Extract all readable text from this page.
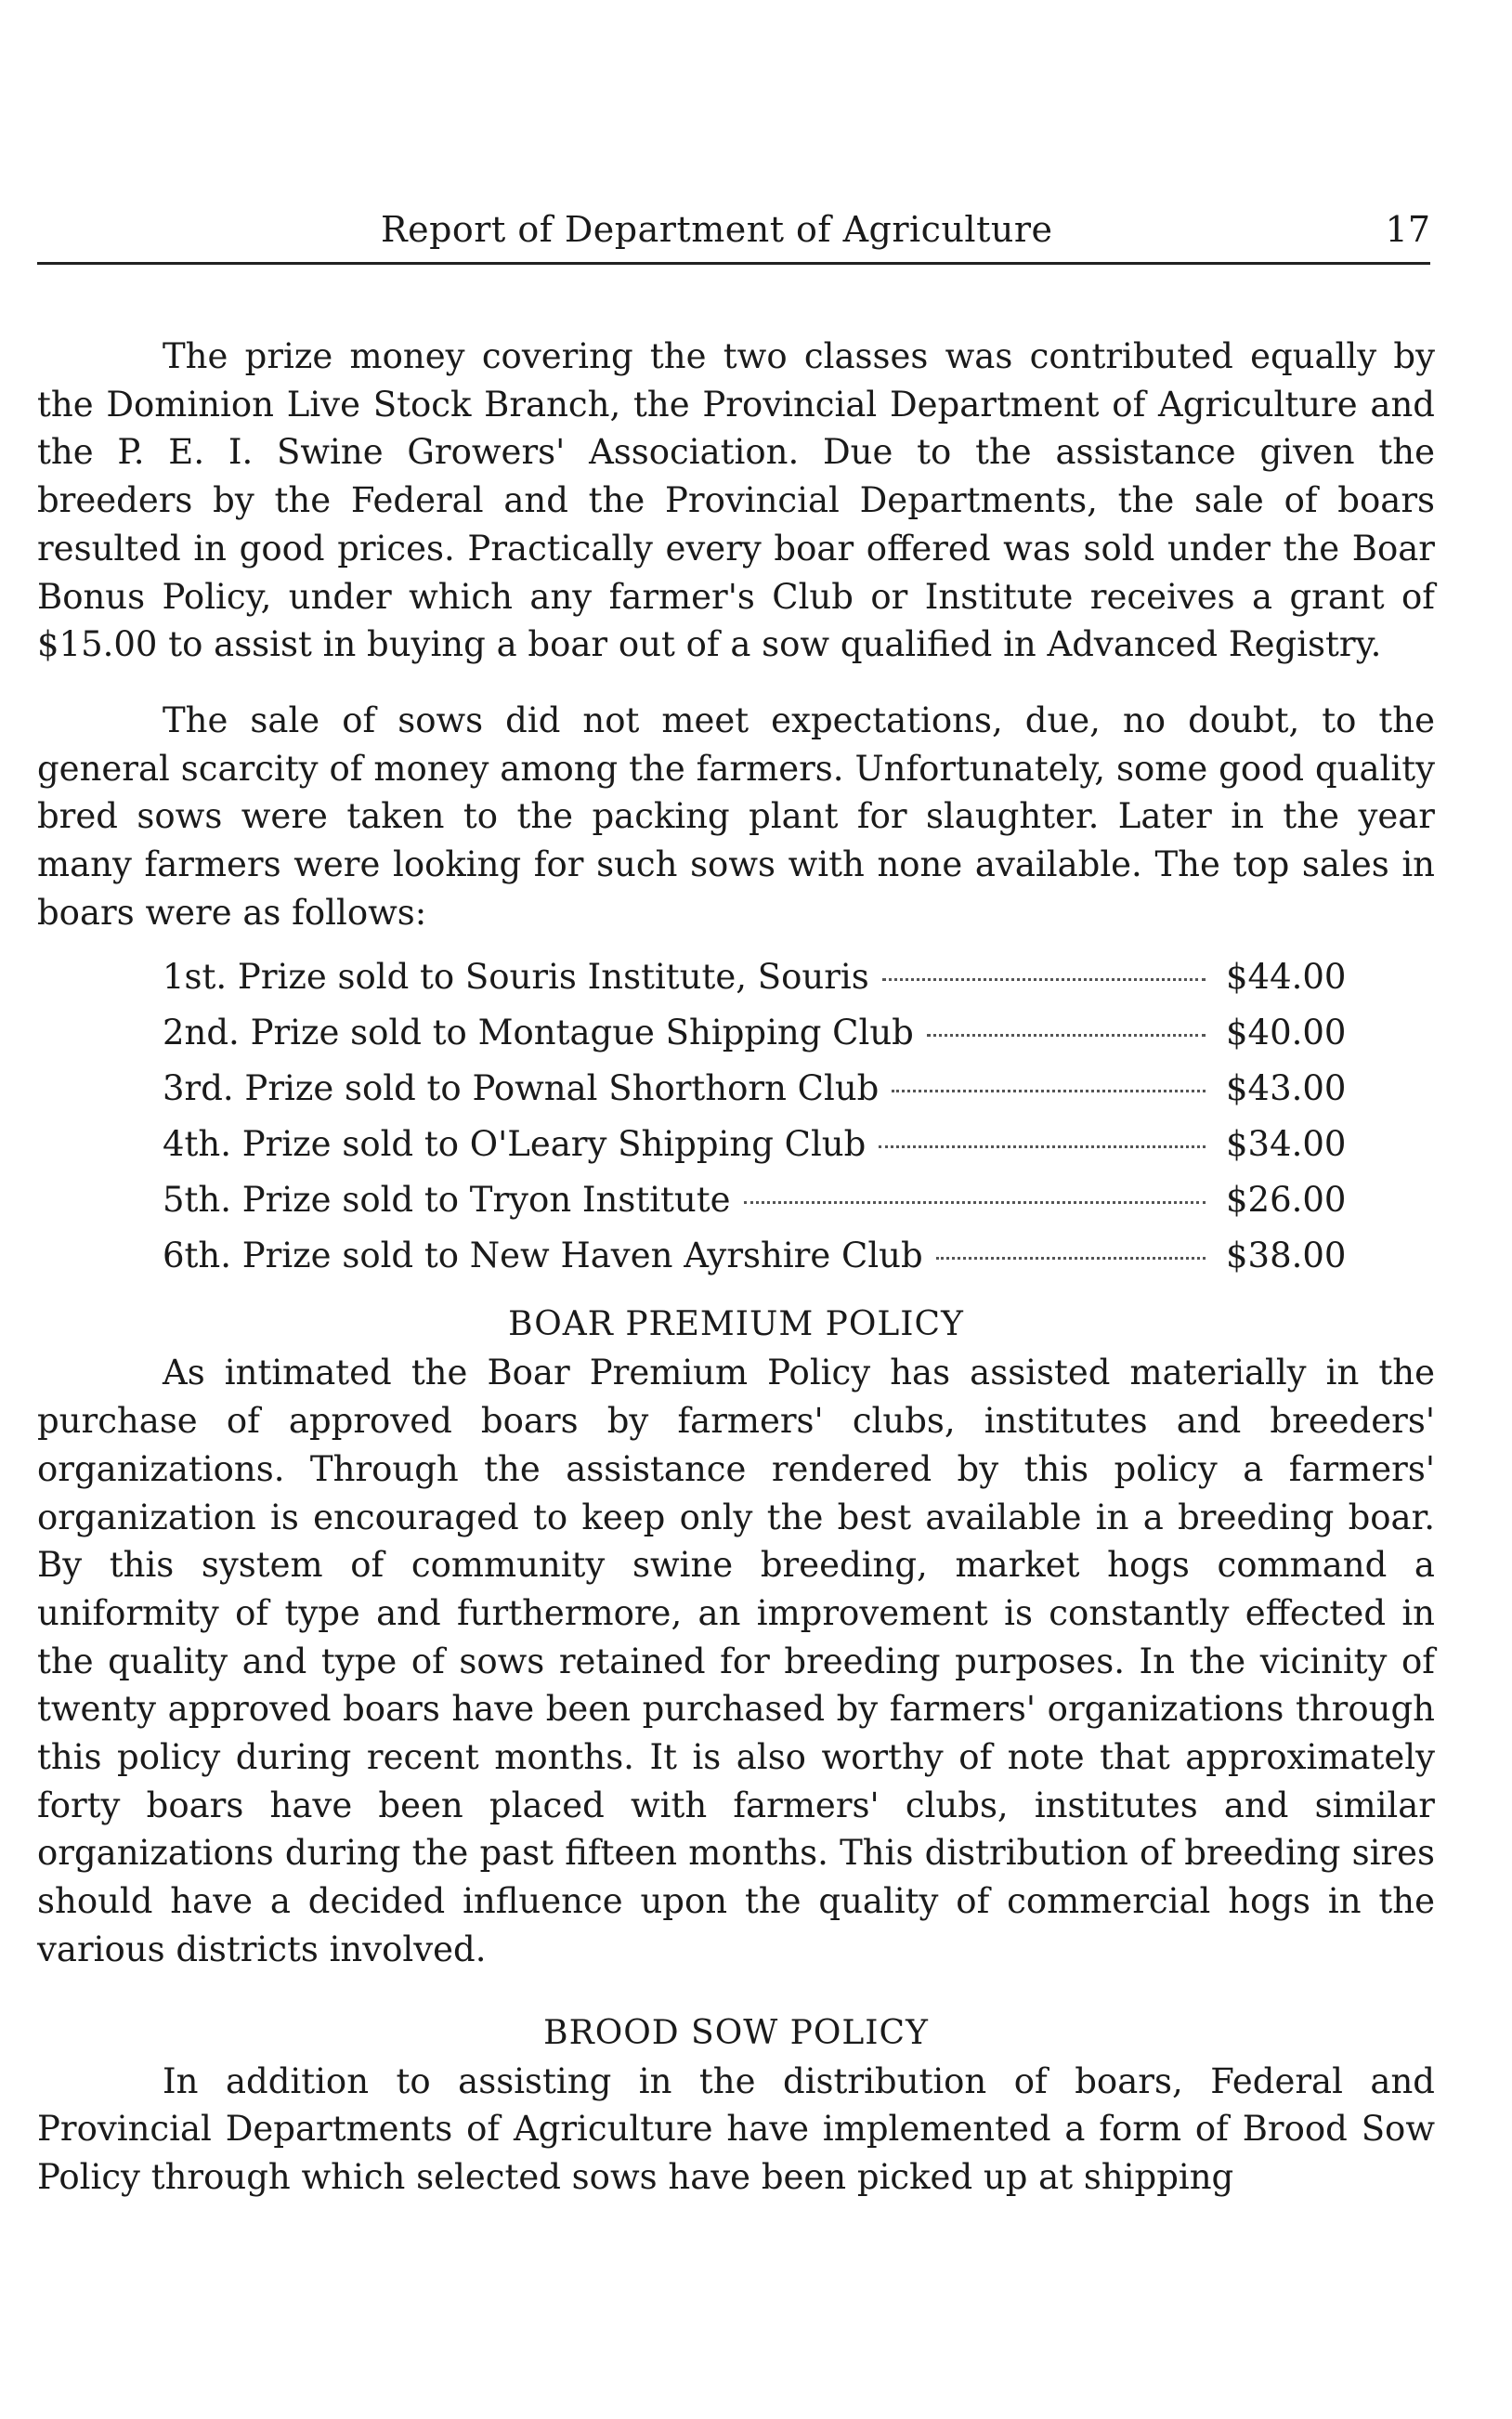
Report of Department of Agriculture	17

The prize money covering the two classes was contributed equally by the Dominion Live Stock Branch, the Provincial Department of Agriculture and the P. E. I. Swine Growers' Association. Due to the assistance given the breeders by the Federal and the Provincial Departments, the sale of boars resulted in good prices. Practically every boar offered was sold under the Boar Bonus Policy, under which any farmer's Club or Institute receives a grant of $15.00 to assist in buying a boar out of a sow qualified in Advanced Registry.

The sale of sows did not meet expectations, due, no doubt, to the general scarcity of money among the farmers. Unfortunately, some good quality bred sows were taken to the packing plant for slaughter. Later in the year many farmers were looking for such sows with none available. The top sales in boars were as follows:

1st. Prize sold to Souris Institute, Souris	$44.00
2nd. Prize sold to Montague Shipping Club	$40.00
3rd. Prize sold to Pownal Shorthorn Club	$43.00
4th. Prize sold to O'Leary Shipping Club	$34.00
5th. Prize sold to Tryon Institute	$26.00
6th. Prize sold to New Haven Ayrshire Club	$38.00
BOAR PREMIUM POLICY

As intimated the Boar Premium Policy has assisted materially in the purchase of approved boars by farmers' clubs, institutes and breeders' organizations. Through the assistance rendered by this policy a farmers' organization is encouraged to keep only the best available in a breeding boar. By this system of community swine breeding, market hogs command a uniformity of type and furthermore, an improvement is constantly effected in the quality and type of sows retained for breeding purposes. In the vicinity of twenty approved boars have been purchased by farmers' organizations through this policy during recent months. It is also worthy of note that approximately forty boars have been placed with farmers' clubs, institutes and similar organizations during the past fifteen months. This distribution of breeding sires should have a decided influence upon the quality of commercial hogs in the various districts involved.

BROOD SOW POLICY

In addition to assisting in the distribution of boars, Federal and Provincial Departments of Agriculture have implemented a form of Brood Sow Policy through which selected sows have been picked up at shipping
